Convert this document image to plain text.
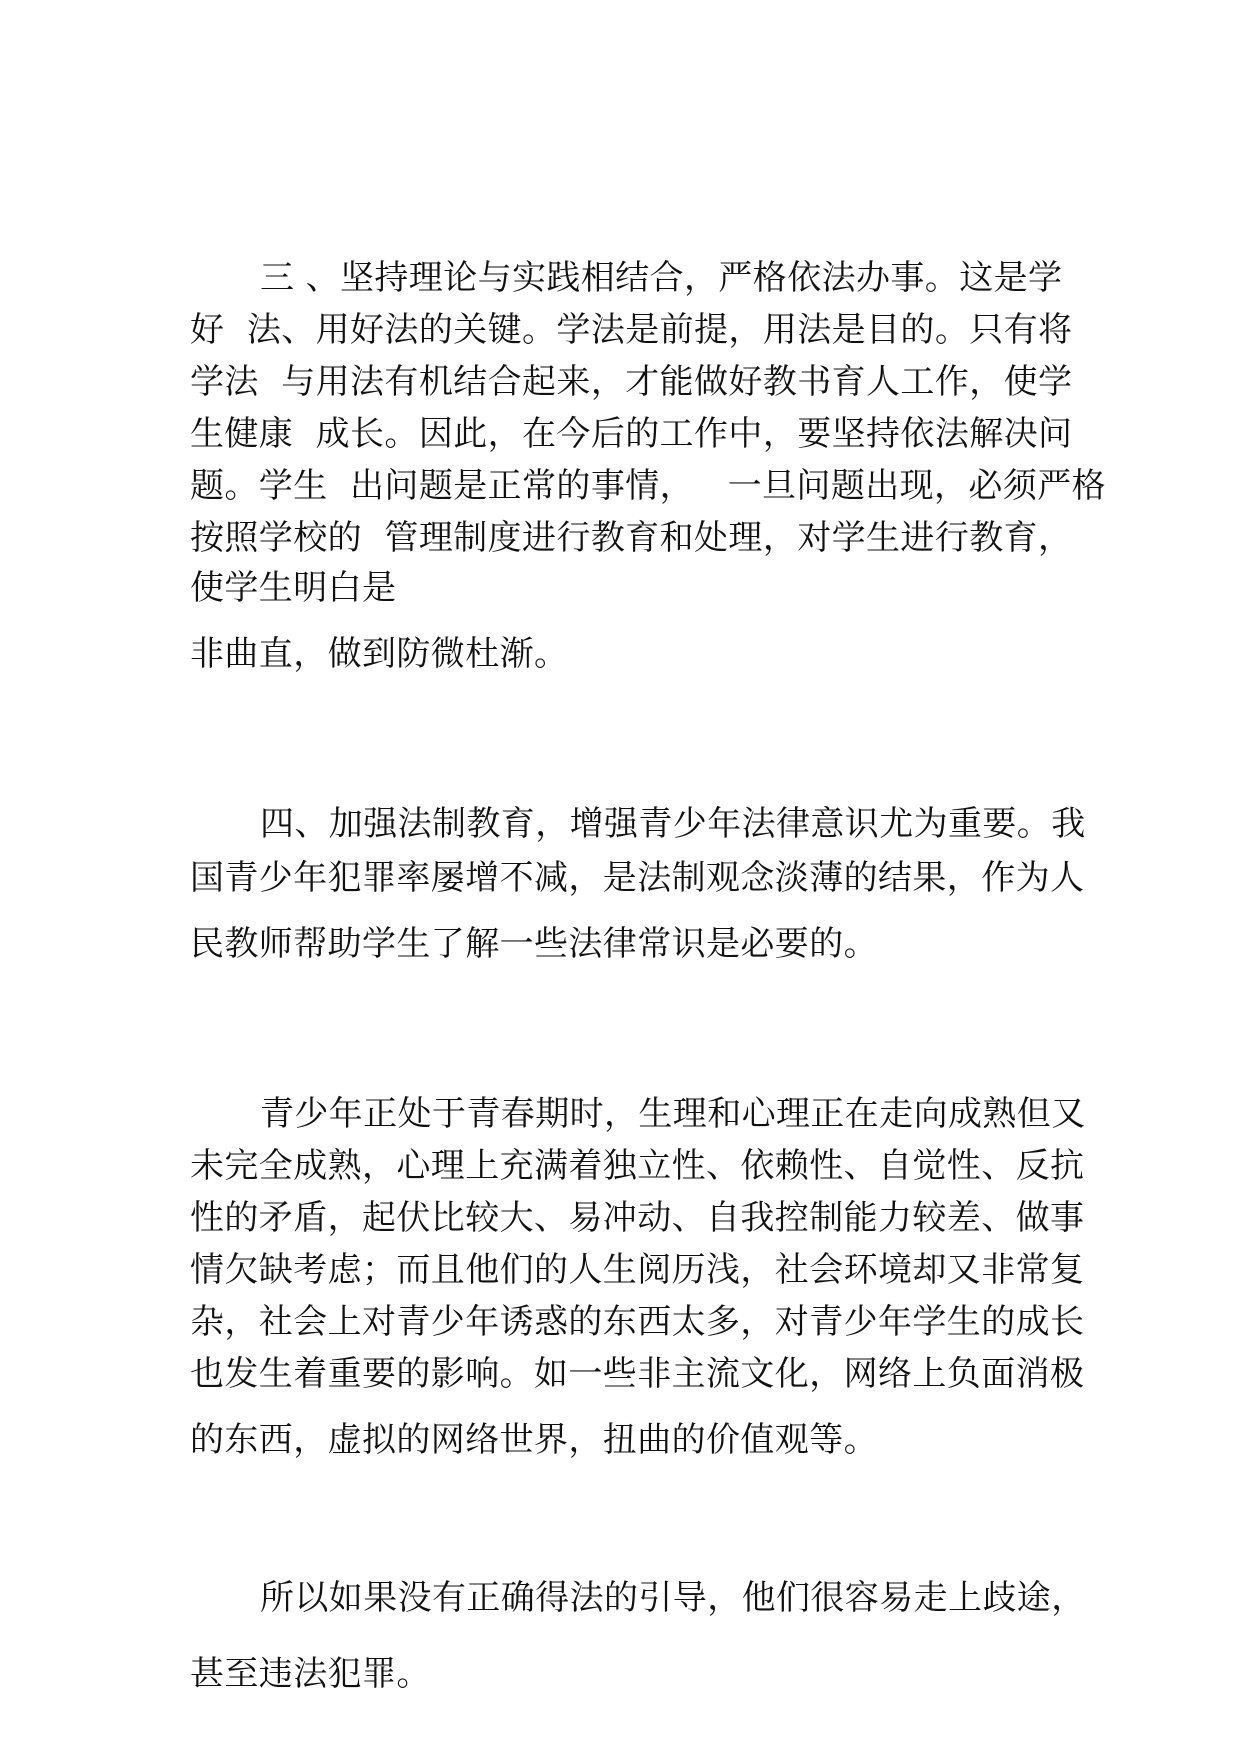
三 、坚持理论与实践相结合，严格依法办事。这是学
好  法、用好法的关键。学法是前提，用法是目的。只有将
学法  与用法有机结合起来，才能做好教书育人工作，使学
生健康  成长。因此，在今后的工作中，要坚持依法解决问
题。学生  出问题是正常的事情，   一旦问题出现，必须严格
按照学校的  管理制度进行教育和处理，对学生进行教育，
使学生明白是
非曲直，做到防微杜渐。
四、加强法制教育，增强青少年法律意识尤为重要。我
国青少年犯罪率屡增不减，是法制观念淡薄的结果，作为人
民教师帮助学生了解一些法律常识是必要的。
青少年正处于青春期时，生理和心理正在走向成熟但又
未完全成熟，心理上充满着独立性、依赖性、自觉性、反抗
性的矛盾，起伏比较大、易冲动、自我控制能力较差、做事
情欠缺考虑；而且他们的人生阅历浅，社会环境却又非常复
杂，社会上对青少年诱惑的东西太多，对青少年学生的成长
也发生着重要的影响。如一些非主流文化，网络上负面消极
的东西，虚拟的网络世界，扭曲的价值观等。
所以如果没有正确得法的引导，他们很容易走上歧途，
甚至违法犯罪。
